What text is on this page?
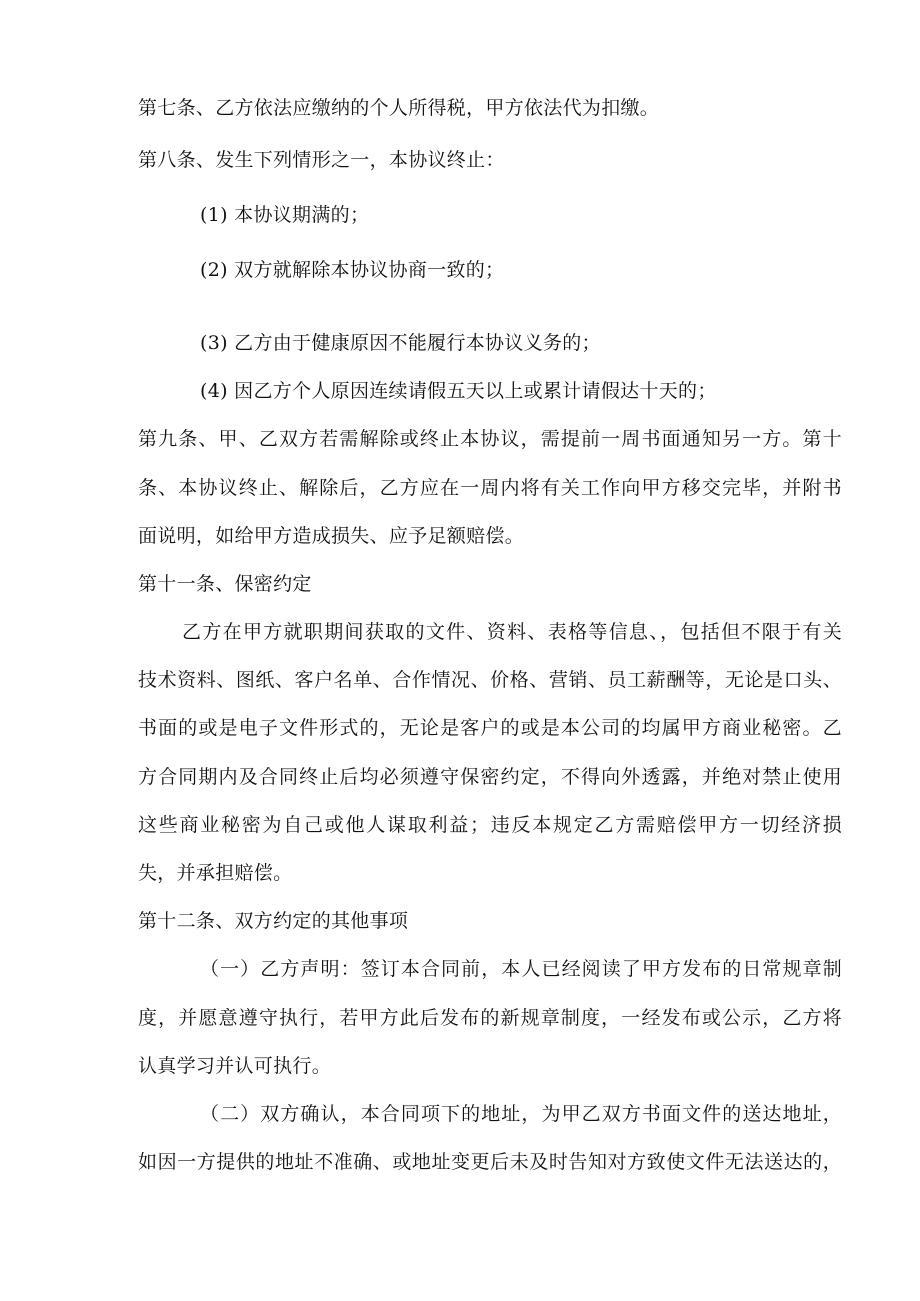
第七条、乙方依法应缴纳的个人所得税，甲方依法代为扣缴。
第八条、发生下列情形之一，本协议终止：
(1) 本协议期满的；
(2) 双方就解除本协议协商一致的；
(3) 乙方由于健康原因不能履行本协议义务的；
(4) 因乙方个人原因连续请假五天以上或累计请假达十天的；
第九条、甲、乙双方若需解除或终止本协议，需提前一周书面通知另一方。第十
条、本协议终止、解除后，乙方应在一周内将有关工作向甲方移交完毕，并附书
面说明，如给甲方造成损失、应予足额赔偿。
第十一条、保密约定
乙方在甲方就职期间获取的文件、资料、表格等信息、，包括但不限于有关
技术资料、图纸、客户名单、合作情况、价格、营销、员工薪酬等，无论是口头、
书面的或是电子文件形式的，无论是客户的或是本公司的均属甲方商业秘密。乙
方合同期内及合同终止后均必须遵守保密约定，不得向外透露，并绝对禁止使用
这些商业秘密为自己或他人谋取利益；违反本规定乙方需赔偿甲方一切经济损
失，并承担赔偿。
第十二条、双方约定的其他事项
（一）乙方声明：签订本合同前，本人已经阅读了甲方发布的日常规章制
度，并愿意遵守执行，若甲方此后发布的新规章制度，一经发布或公示，乙方将
认真学习并认可执行。
（二）双方确认，本合同项下的地址，为甲乙双方书面文件的送达地址，
如因一方提供的地址不准确、或地址变更后未及时告知对方致使文件无法送达的，
